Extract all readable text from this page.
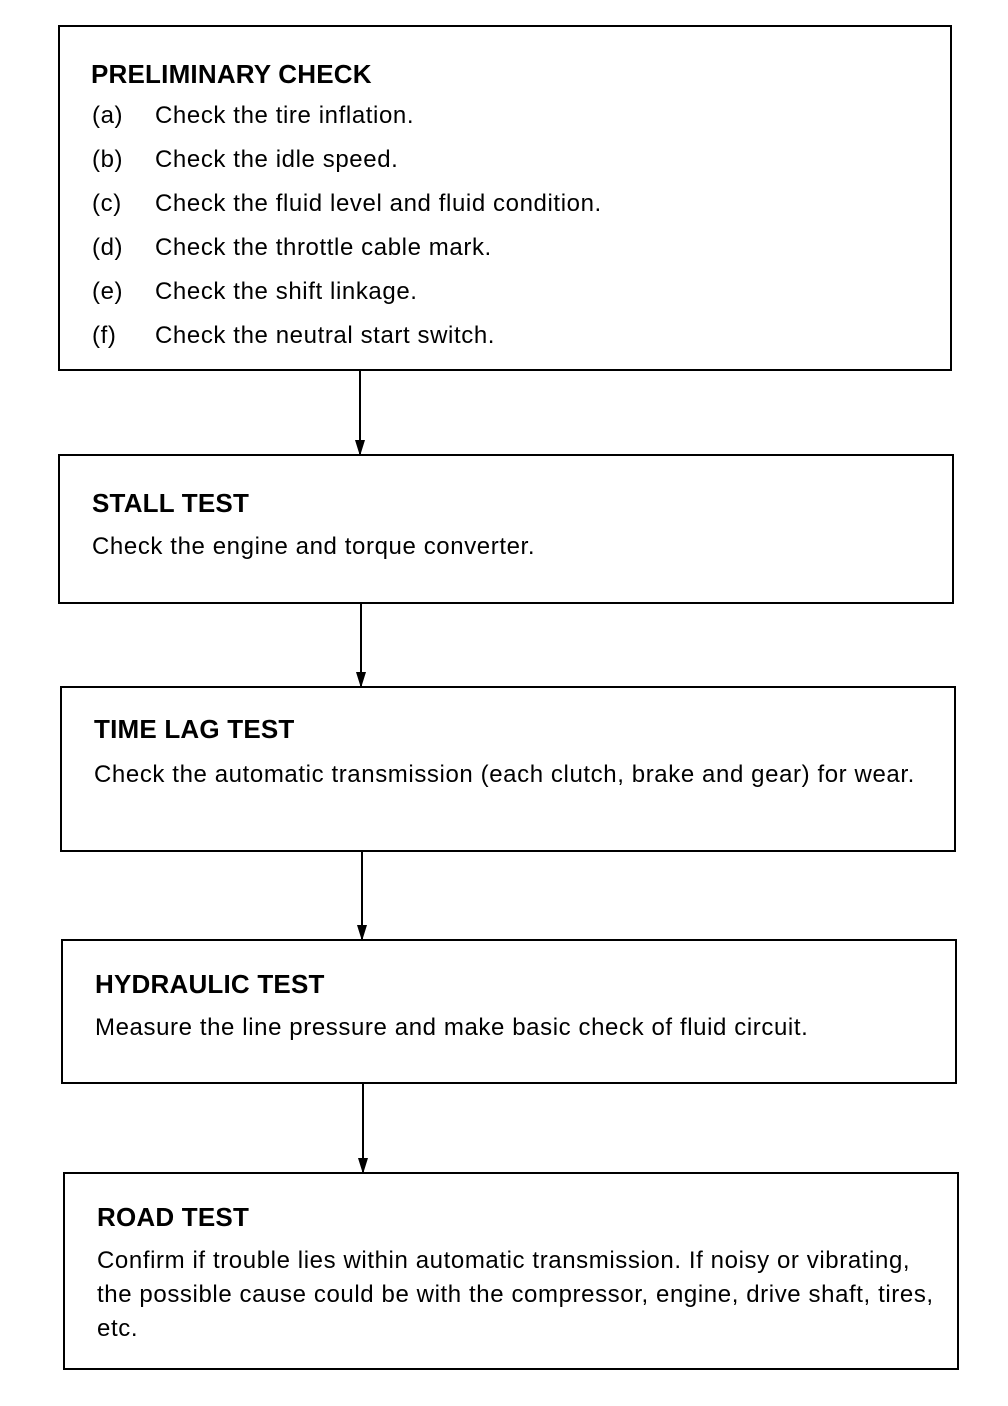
PRELIMINARY CHECK
(a)	Check the tire inflation.
(b)	Check the idle speed.
(c)	Check the fluid level and fluid condition.
(d)	Check the throttle cable mark.
(e)	Check the shift linkage.
(f)	Check the neutral start switch.
STALL TEST

Check the engine and torque converter.

TIME LAG TEST

Check the automatic transmission (each clutch, brake and gear) for wear.

HYDRAULIC TEST

Measure the line pressure and make basic check of fluid circuit.

ROAD TEST

Confirm if trouble lies within automatic transmission. If noisy or vibrating, the possible cause could be with the compressor, engine, drive shaft, tires, etc.
